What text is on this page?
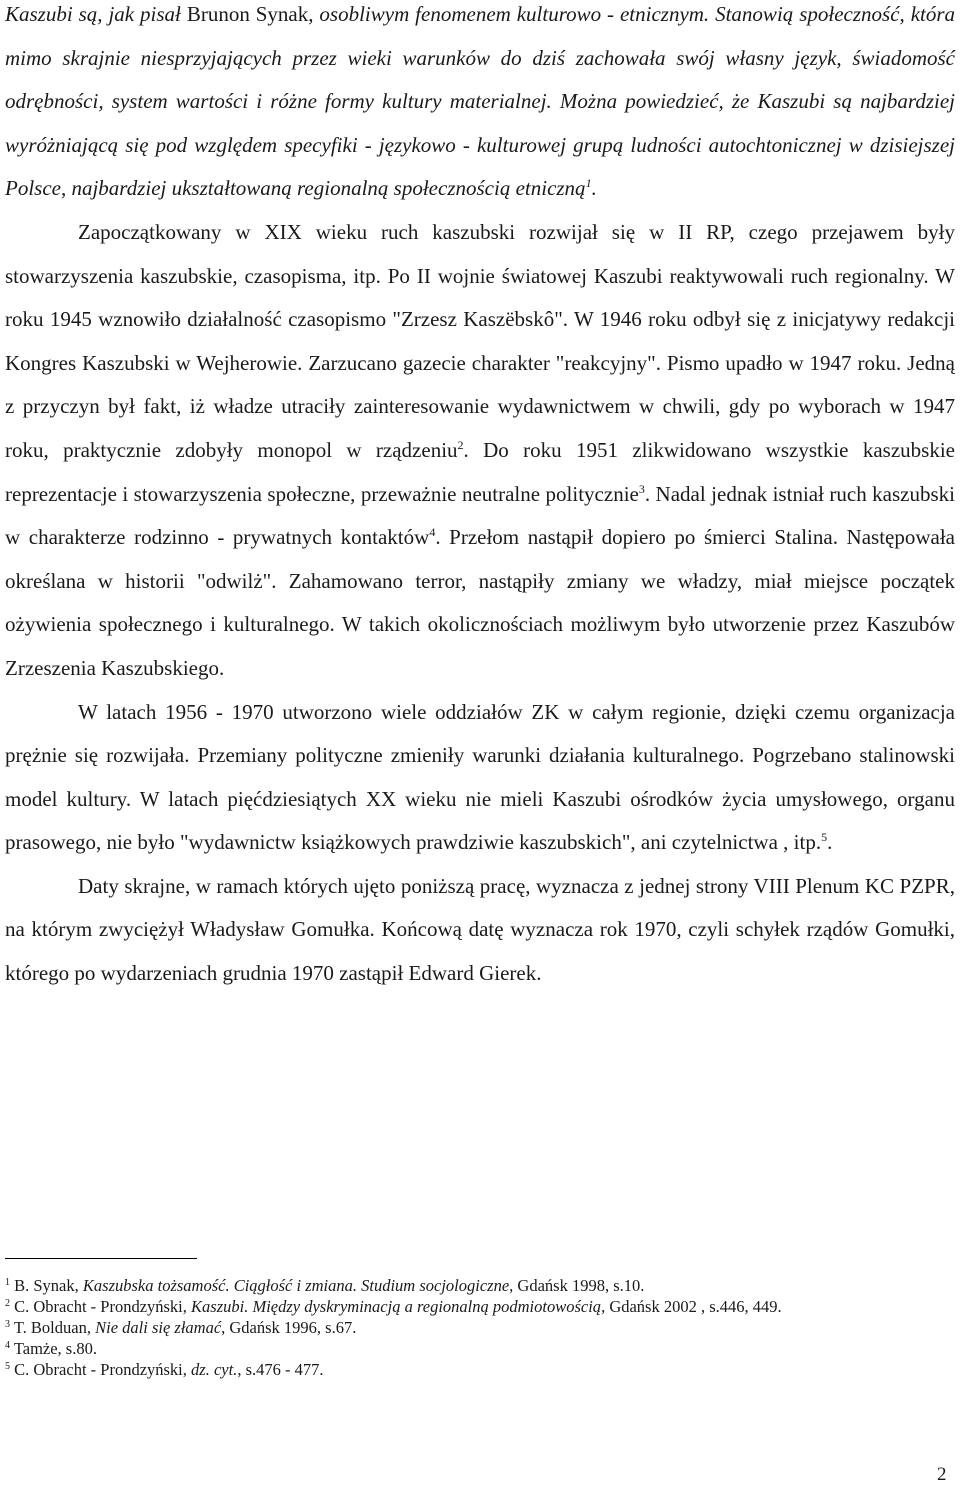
Kaszubi są, jak pisał Brunon Synak, osobliwym fenomenem kulturowo - etnicznym. Stanowią społeczność, która mimo skrajnie niesprzyjających przez wieki warunków do dziś zachowała swój własny język, świadomość odrębności, system wartości i różne formy kultury materialnej. Można powiedzieć, że Kaszubi są najbardziej wyróżniającą się pod względem specyfiki - językowo - kulturowej grupą ludności autochtonicznej w dzisiejszej Polsce, najbardziej ukształtowaną regionalną społecznością etniczną$^1$.

Zapoczątkowany w XIX wieku ruch kaszubski rozwijał się w II RP, czego przejawem były stowarzyszenia kaszubskie, czasopisma, itp. Po II wojnie światowej Kaszubi reaktywowali ruch regionalny. W roku 1945 wznowiło działalność czasopismo "Zrzesz Kaszëbskô". W 1946 roku odbył się z inicjatywy redakcji Kongres Kaszubski w Wejherowie. Zarzucano gazecie charakter "reakcyjny". Pismo upadło w 1947 roku. Jedną z przyczyn był fakt, iż władze utraciły zainteresowanie wydawnictwem w chwili, gdy po wyborach w 1947 roku, praktycznie zdobyły monopol w rządzeniu$^2$. Do roku 1951 zlikwidowano wszystkie kaszubskie reprezentacje i stowarzyszenia społeczne, przeważnie neutralne politycznie$^3$. Nadal jednak istniał ruch kaszubski w charakterze rodzinno - prywatnych kontaktów$^4$. Przełom nastąpił dopiero po śmierci Stalina. Następowała określana w historii "odwilż". Zahamowano terror, nastąpiły zmiany we władzy, miał miejsce początek ożywienia społecznego i kulturalnego. W takich okolicznościach możliwym było utworzenie przez Kaszubów Zrzeszenia Kaszubskiego.

W latach 1956 - 1970 utworzono wiele oddziałów ZK w całym regionie, dzięki czemu organizacja prężnie się rozwijała. Przemiany polityczne zmieniły warunki działania kulturalnego. Pogrzebano stalinowski model kultury. W latach pięćdziesiątych XX wieku nie mieli Kaszubi ośrodków życia umysłowego, organu prasowego, nie było "wydawnictw książkowych prawdziwie kaszubskich", ani czytelnictwa , itp.$^5$.

Daty skrajne, w ramach których ujęto poniższą pracę, wyznacza z jednej strony VIII Plenum KC PZPR, na którym zwyciężył Władysław Gomułka. Końcową datę wyznacza rok 1970, czyli schyłek rządów Gomułki, którego po wydarzeniach grudnia 1970 zastąpił Edward Gierek.

$^1$ B. Synak, Kaszubska tożsamość. Ciągłość i zmiana. Studium socjologiczne, Gdańsk 1998, s.10.

$^2$ C. Obracht - Prondzyński, Kaszubi. Między dyskryminacją a regionalną podmiotowością, Gdańsk 2002 , s.446, 449.

$^3$ T. Bolduan, Nie dali się złamać, Gdańsk 1996, s.67.

$^4$ Tamże, s.80.

$^5$ C. Obracht - Prondzyński, dz. cyt., s.476 - 477.

2
